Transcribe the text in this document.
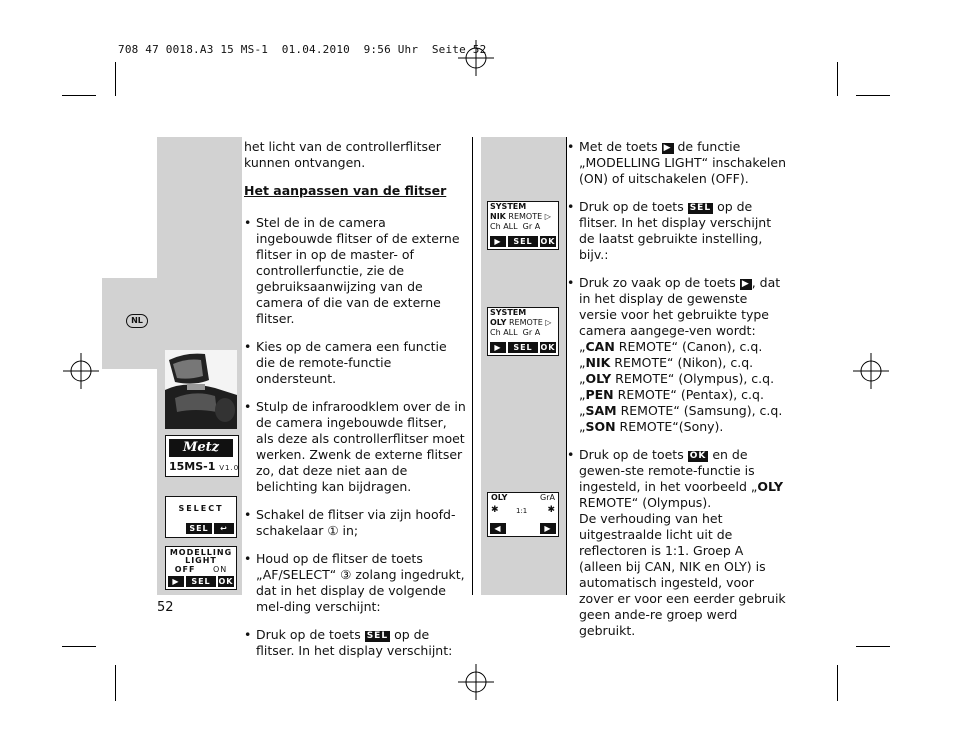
708 47 0018.A3 15 MS-1  01.04.2010  9:56 Uhr  Seite 52
NL
Metz
15MS-1 V1.0
SELECT
SEL	↩
MODELLING
LIGHT
OFF ON
▶	SEL OK
SYSTEM
NIK REMOTE ▷
Ch ALL  Gr A
▶	SEL OK
SYSTEM
OLY REMOTE ▷
Ch ALL  Gr A
▶	SEL OK
OLY	GrA
✱ 1:1 ✱
◀	▶

het licht van de controllerflitser kunnen ontvangen.

Het aanpassen van de flitser

• Stel de in de camera ingebouwde flitser of de externe flitser in op de master- of controllerfunctie, zie de gebruiksaanwijzing van de camera of die van de externe flitser.

• Kies op de camera een functie die de remote-functie ondersteunt.

• Stulp de infraroodklem over de in de camera ingebouwde flitser, als deze als controllerflitser moet werken. Zwenk de externe flitser zo, dat deze niet aan de belichting kan bijdragen.

• Schakel de flitser via zijn hoofd-schakelaar ① in;

• Houd op de flitser de toets „AF/SELECT“ ③ zolang ingedrukt, dat in het display de volgende mel-ding verschijnt:

• Druk op de toets SEL op de flitser. In het display verschijnt:

• Met de toets ▶ de functie „MODELLING LIGHT“ inschakelen (ON) of uitschakelen (OFF).

• Druk op de toets SEL op de flitser. In het display verschijnt de laatst gebruikte instelling, bijv.:

• Druk zo vaak op de toets ▶ , dat in het display de gewenste versie voor het gebruikte type camera aangege-ven wordt:

„CAN REMOTE“ (Canon), c.q.

„NIK REMOTE“ (Nikon), c.q.

„OLY REMOTE“ (Olympus), c.q.

„PEN REMOTE“ (Pentax), c.q.

„SAM REMOTE“ (Samsung), c.q.

„SON REMOTE“(Sony).

• Druk op de toets OK en de gewen-ste remote-functie is ingesteld, in het voorbeeld „OLY REMOTE“ (Olympus).

De verhouding van het uitgestraalde licht uit de reflectoren is 1:1. Groep A (alleen bij CAN, NIK en OLY) is automatisch ingesteld, voor zover er voor een eerder gebruik geen ande-re groep werd gebruikt.

52
